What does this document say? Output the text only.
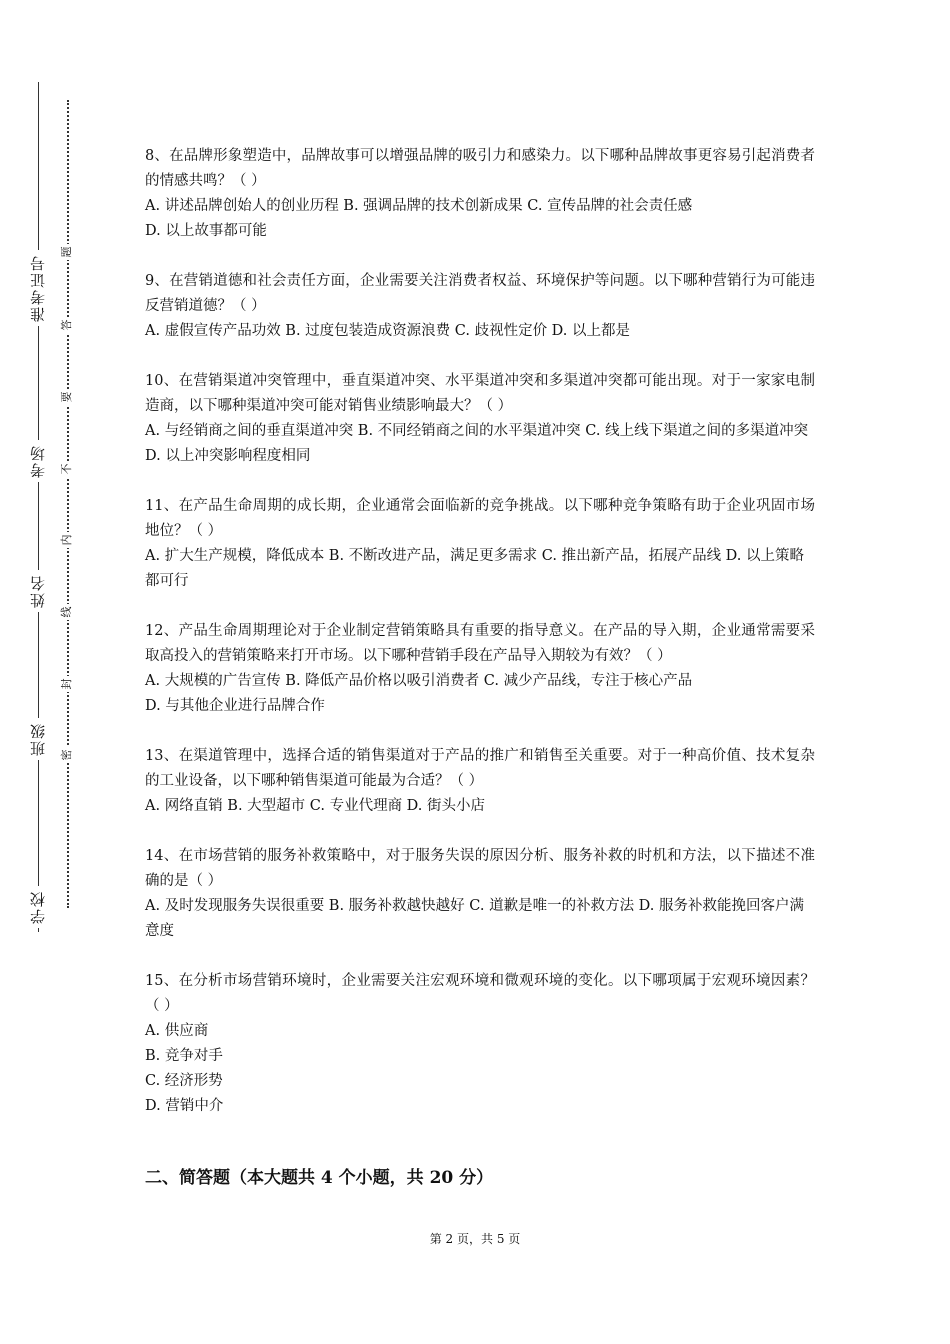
准考证号
考场
姓名
班级
学校
题
答
要
不
内
线
封
密

8、在品牌形象塑造中，品牌故事可以增强品牌的吸引力和感染力。以下哪种品牌故事更容易引起消费者的情感共鸣？（ ）

A. 讲述品牌创始人的创业历程 B. 强调品牌的技术创新成果 C. 宣传品牌的社会责任感

D. 以上故事都可能

9、在营销道德和社会责任方面，企业需要关注消费者权益、环境保护等问题。以下哪种营销行为可能违反营销道德？（ ）

A. 虚假宣传产品功效 B. 过度包装造成资源浪费 C. 歧视性定价 D. 以上都是

10、在营销渠道冲突管理中，垂直渠道冲突、水平渠道冲突和多渠道冲突都可能出现。对于一家家电制造商，以下哪种渠道冲突可能对销售业绩影响最大？（ ）

A. 与经销商之间的垂直渠道冲突 B. 不同经销商之间的水平渠道冲突 C. 线上线下渠道之间的多渠道冲突 D. 以上冲突影响程度相同

11、在产品生命周期的成长期，企业通常会面临新的竞争挑战。以下哪种竞争策略有助于企业巩固市场地位？（ ）

A. 扩大生产规模，降低成本 B. 不断改进产品，满足更多需求 C. 推出新产品，拓展产品线 D. 以上策略都可行

12、产品生命周期理论对于企业制定营销策略具有重要的指导意义。在产品的导入期，企业通常需要采取高投入的营销策略来打开市场。以下哪种营销手段在产品导入期较为有效？（ ）

A. 大规模的广告宣传 B. 降低产品价格以吸引消费者 C. 减少产品线，专注于核心产品

D. 与其他企业进行品牌合作

13、在渠道管理中，选择合适的销售渠道对于产品的推广和销售至关重要。对于一种高价值、技术复杂的工业设备，以下哪种销售渠道可能最为合适？（ ）

A. 网络直销 B. 大型超市 C. 专业代理商 D. 街头小店

14、在市场营销的服务补救策略中，对于服务失误的原因分析、服务补救的时机和方法，以下描述不准确的是（ ）

A. 及时发现服务失误很重要 B. 服务补救越快越好 C. 道歉是唯一的补救方法 D. 服务补救能挽回客户满意度

15、在分析市场营销环境时，企业需要关注宏观环境和微观环境的变化。以下哪项属于宏观环境因素？（ ）

A. 供应商

B. 竞争对手

C. 经济形势

D. 营销中介

二、简答题（本大题共 4 个小题，共 20 分）
第 2 页，共 5 页
